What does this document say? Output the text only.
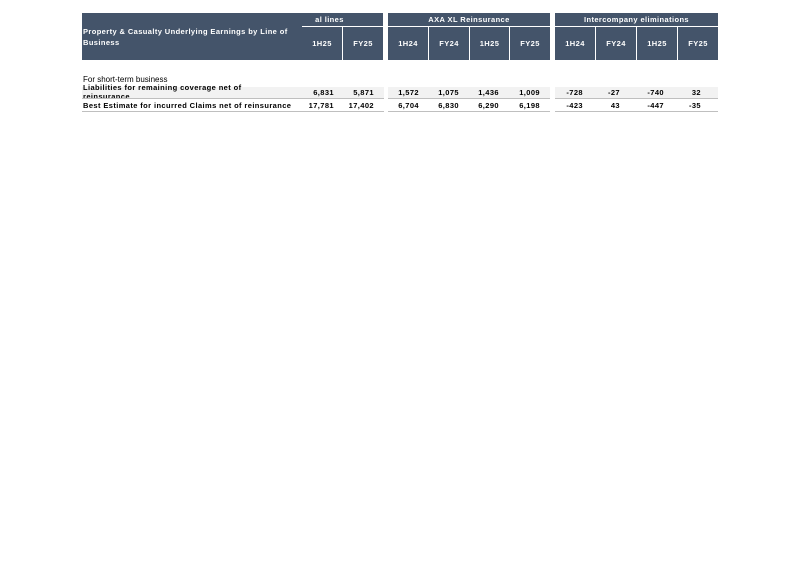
Property & Casualty Underlying Earnings by Line of Business
al lines
1H25	FY25
AXA XL Reinsurance
1H24	FY24	1H25	FY25
Intercompany eliminations
1H24	FY24	1H25	FY25
For short-term business
Liabilities for remaining coverage net of
reinsurance	6,831	5,871	1,572	1,075	1,436	1,009	-728	-27	-740	32
Best Estimate for incurred Claims net of reinsurance	17,781	17,402	6,704	6,830	6,290	6,198	-423	43	-447	-35
